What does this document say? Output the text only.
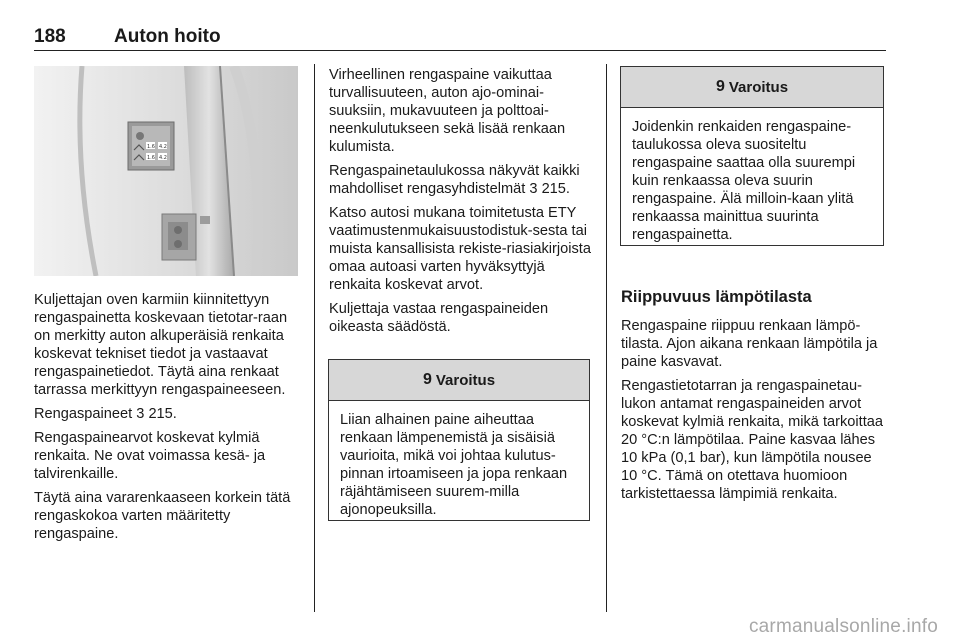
188	Auton hoito
1.6 4.2
1.6 4.2

Kuljettajan oven karmiin kiinnitettyyn rengaspainetta koskevaan tietotar-raan on merkitty auton alkuperäisiä renkaita koskevat tekniset tiedot ja vastaavat rengaspainetiedot. Täytä aina renkaat tarrassa merkittyyn rengaspaineeseen.

Rengaspaineet 3 215.

Rengaspainearvot koskevat kylmiä renkaita. Ne ovat voimassa kesä- ja talvirenkaille.

Täytä aina vararenkaaseen korkein tätä rengaskokoa varten määritetty rengaspaine.

Virheellinen rengaspaine vaikuttaa turvallisuuteen, auton ajo-ominai-suuksiin, mukavuuteen ja polttoai-neenkulutukseen sekä lisää renkaan kulumista.

Rengaspainetaulukossa näkyvät kaikki mahdolliset rengasyhdistelmät 3 215.

Katso autosi mukana toimitetusta ETY vaatimustenmukaisuustodistuk-sesta tai muista kansallisista rekiste-riasiakirjoista omaa autoasi varten hyväksyttyjä renkaita koskevat arvot.

Kuljettaja vastaa rengaspaineiden oikeasta säädöstä.

9 Varoitus
Liian alhainen paine aiheuttaa renkaan lämpenemistä ja sisäisiä vaurioita, mikä voi johtaa kulutus-pinnan irtoamiseen ja jopa renkaan räjähtämiseen suurem-milla ajonopeuksilla.
9 Varoitus
Joidenkin renkaiden rengaspaine-taulukossa oleva suositeltu rengaspaine saattaa olla suurempi kuin renkaassa oleva suurin rengaspaine. Älä milloin-kaan ylitä renkaassa mainittua suurinta rengaspainetta.
Riippuvuus lämpötilasta

Rengaspaine riippuu renkaan lämpö-tilasta. Ajon aikana renkaan lämpötila ja paine kasvavat.

Rengastietotarran ja rengaspainetau-lukon antamat rengaspaineiden arvot koskevat kylmiä renkaita, mikä tarkoittaa 20 °C:n lämpötilaa. Paine kasvaa lähes 10 kPa (0,1 bar), kun lämpötila nousee 10 °C. Tämä on otettava huomioon tarkistettaessa lämpimiä renkaita.

carmanualsonline.info
